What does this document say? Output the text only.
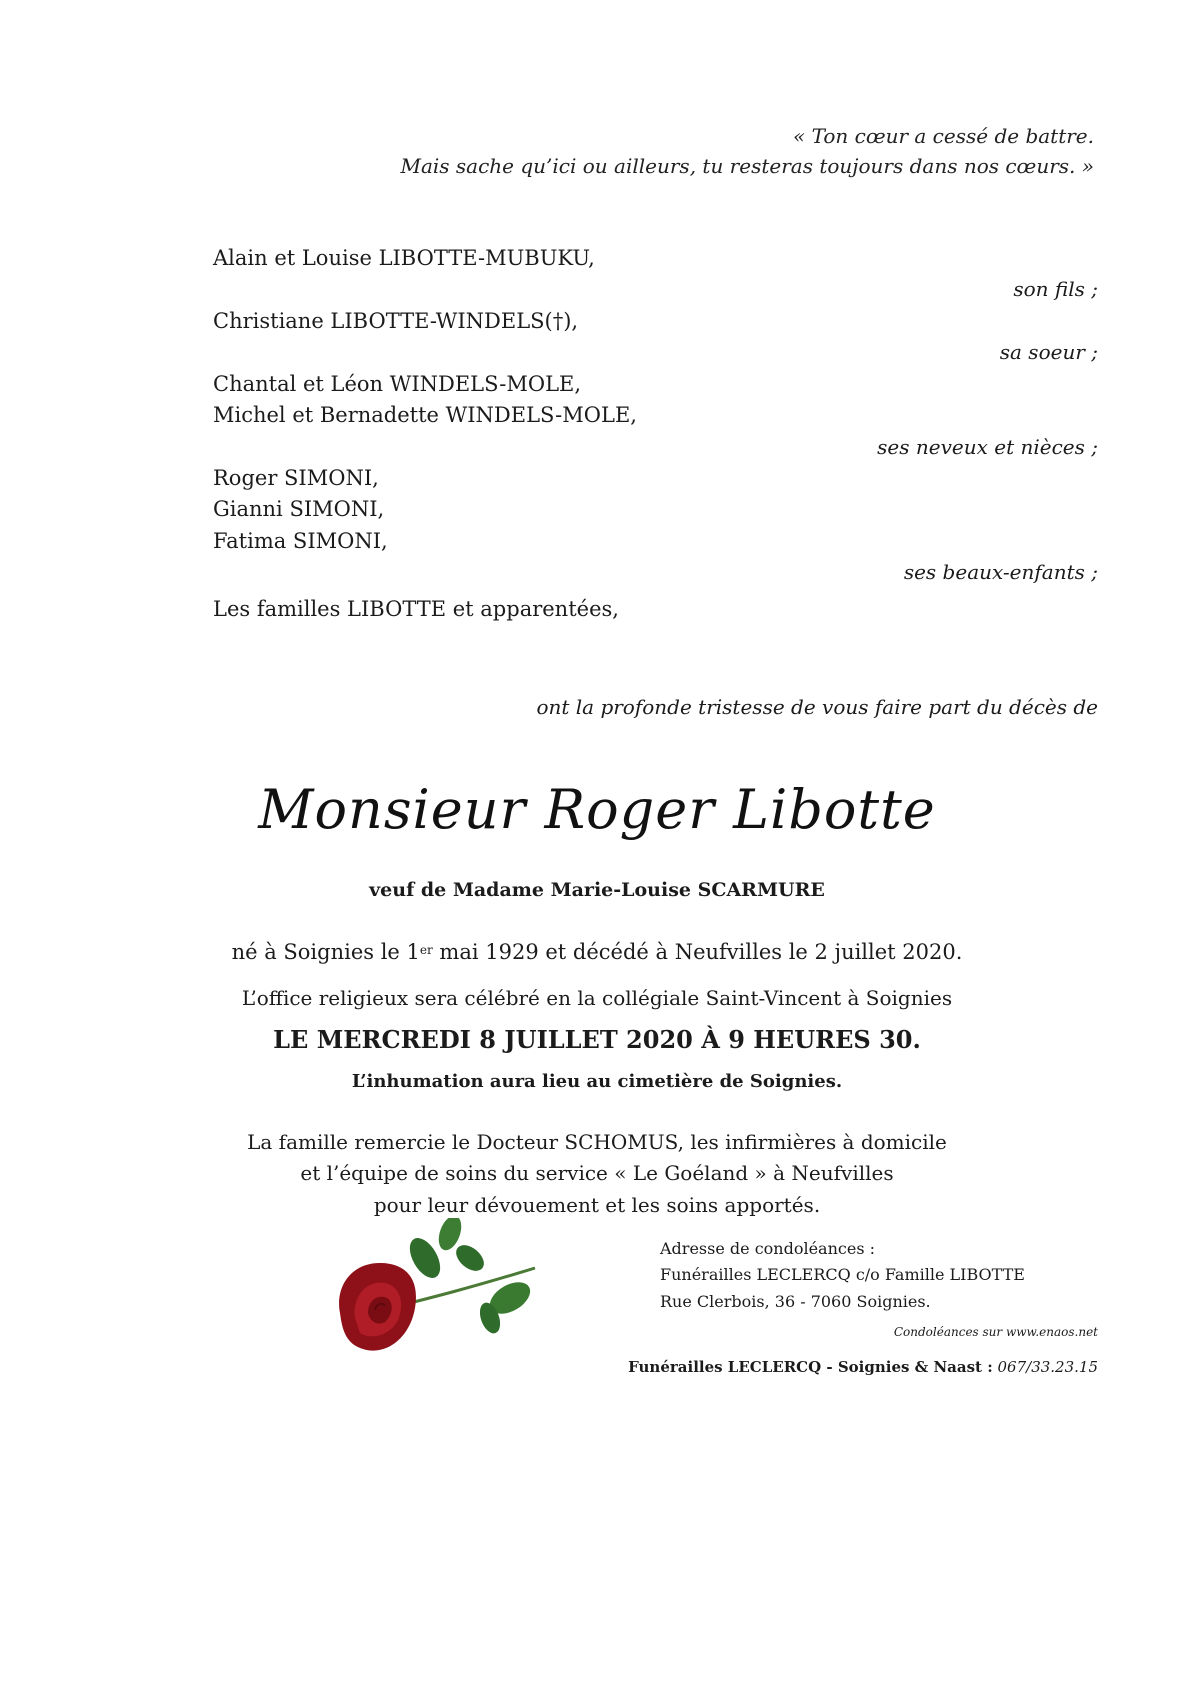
« Ton cœur a cessé de battre.
Mais sache qu’ici ou ailleurs, tu resteras toujours dans nos cœurs. »
Alain et Louise LIBOTTE-MUBUKU,
son fils ;
Christiane LIBOTTE-WINDELS(†),
sa soeur ;
Chantal et Léon WINDELS-MOLE,
Michel et Bernadette WINDELS-MOLE,
ses neveux et nièces ;
Roger SIMONI,
Gianni SIMONI,
Fatima SIMONI,
ses beaux-enfants ;
Les familles LIBOTTE et apparentées,
ont la profonde tristesse de vous faire part du décès de
Monsieur Roger Libotte
veuf de Madame Marie-Louise SCARMURE
né à Soignies le 1er mai 1929 et décédé à Neufvilles le 2 juillet 2020.
L’office religieux sera célébré en la collégiale Saint-Vincent à Soignies
LE MERCREDI 8 JUILLET 2020 À 9 HEURES 30.
L’inhumation aura lieu au cimetière de Soignies.
La famille remercie le Docteur SCHOMUS, les infirmières à domicile
et l’équipe de soins du service « Le Goéland » à Neufvilles
pour leur dévouement et les soins apportés.
Adresse de condoléances :
Funérailles LECLERCQ c/o Famille LIBOTTE
Rue Clerbois, 36 - 7060 Soignies.
Condoléances sur www.enaos.net
Funérailles LECLERCQ - Soignies & Naast : 067/33.23.15
